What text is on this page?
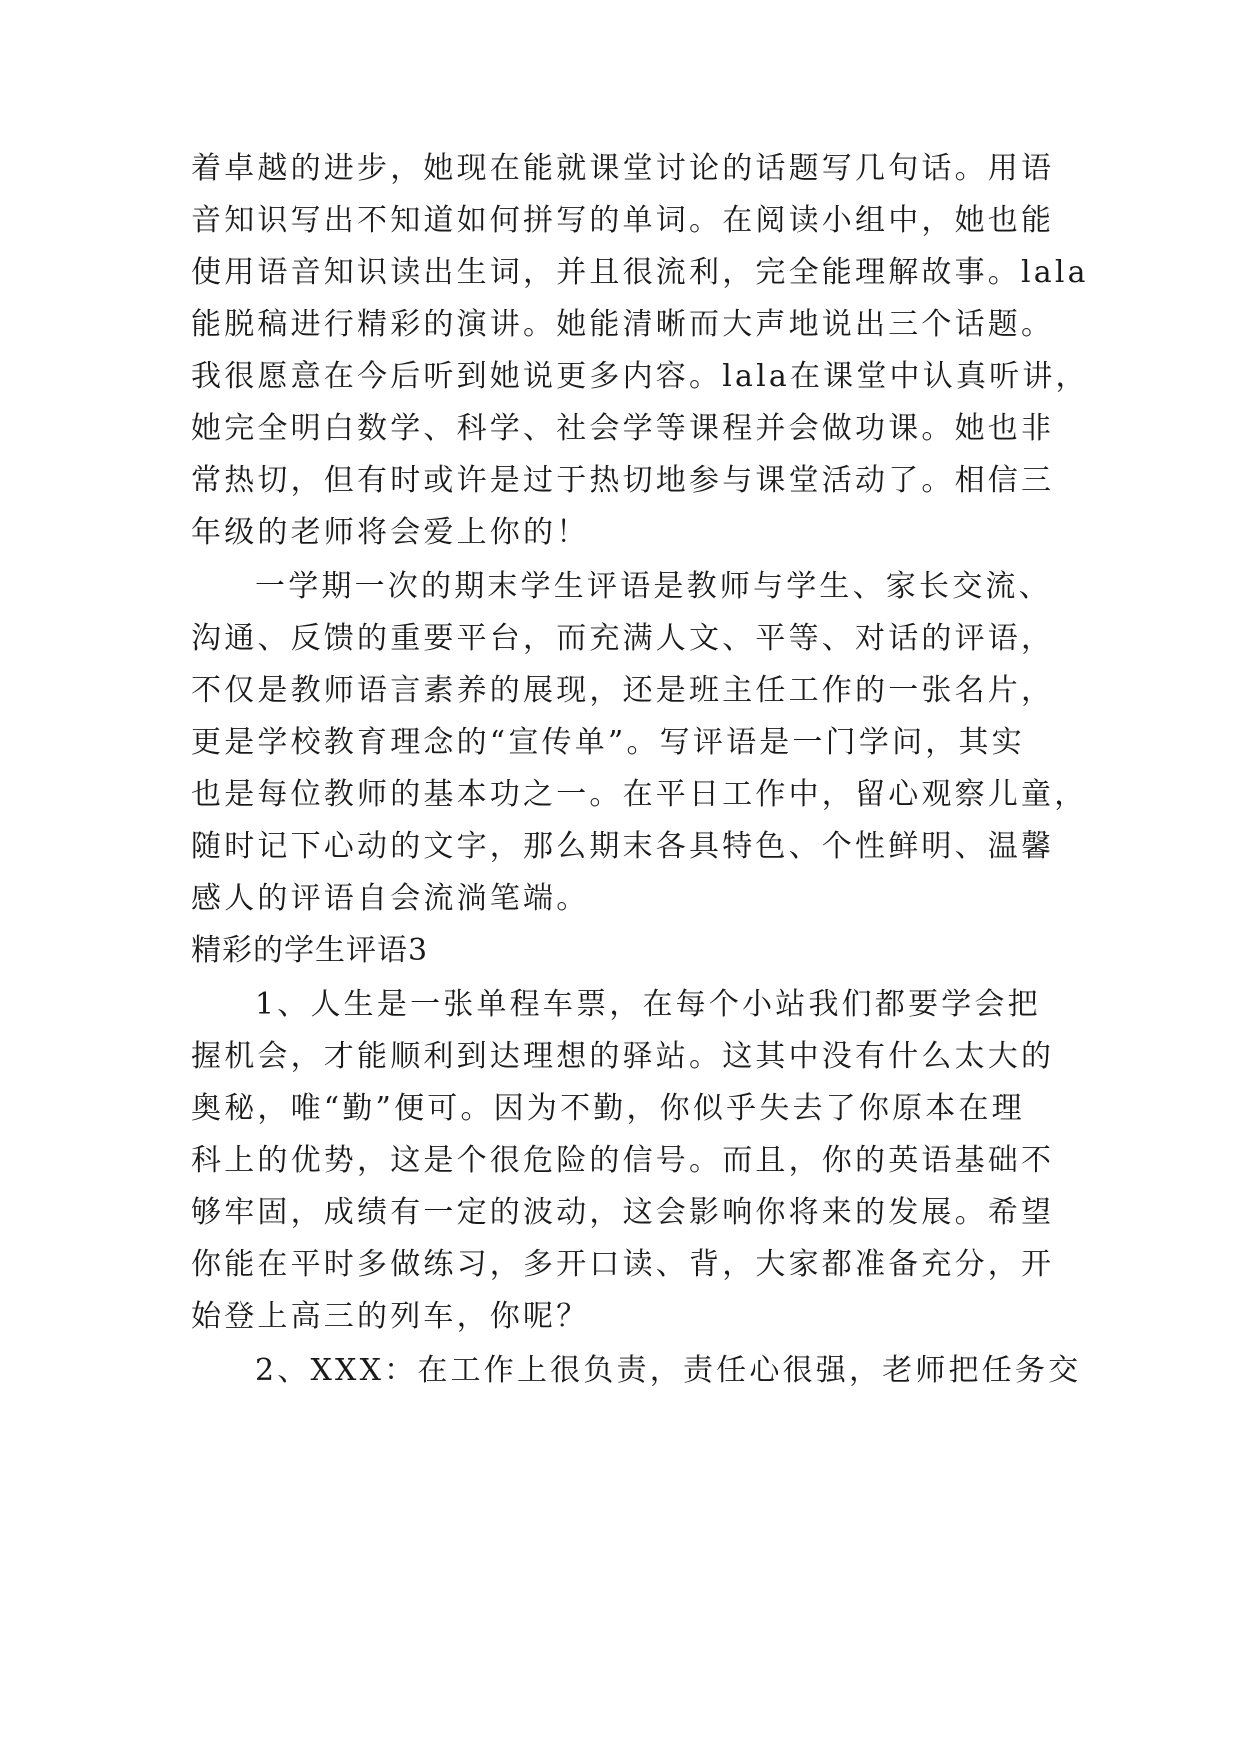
着卓越的进步，她现在能就课堂讨论的话题写几句话。用语
音知识写出不知道如何拼写的单词。在阅读小组中，她也能
使用语音知识读出生词，并且很流利，完全能理解故事。lala
能脱稿进行精彩的演讲。她能清晰而大声地说出三个话题。
我很愿意在今后听到她说更多内容。lala在课堂中认真听讲，
她完全明白数学、科学、社会学等课程并会做功课。她也非
常热切，但有时或许是过于热切地参与课堂活动了。相信三
年级的老师将会爱上你的！
一学期一次的期末学生评语是教师与学生、家长交流、
沟通、反馈的重要平台，而充满人文、平等、对话的评语，
不仅是教师语言素养的展现，还是班主任工作的一张名片，
更是学校教育理念的“宣传单”。写评语是一门学问，其实
也是每位教师的基本功之一。在平日工作中，留心观察儿童，
随时记下心动的文字，那么期末各具特色、个性鲜明、温馨
感人的评语自会流淌笔端。
精彩的学生评语3
1、人生是一张单程车票，在每个小站我们都要学会把
握机会，才能顺利到达理想的驿站。这其中没有什么太大的
奥秘，唯“勤”便可。因为不勤，你似乎失去了你原本在理
科上的优势，这是个很危险的信号。而且，你的英语基础不
够牢固，成绩有一定的波动，这会影响你将来的发展。希望
你能在平时多做练习，多开口读、背，大家都准备充分，开
始登上高三的列车，你呢？
2、XXX：在工作上很负责，责任心很强，老师把任务交
